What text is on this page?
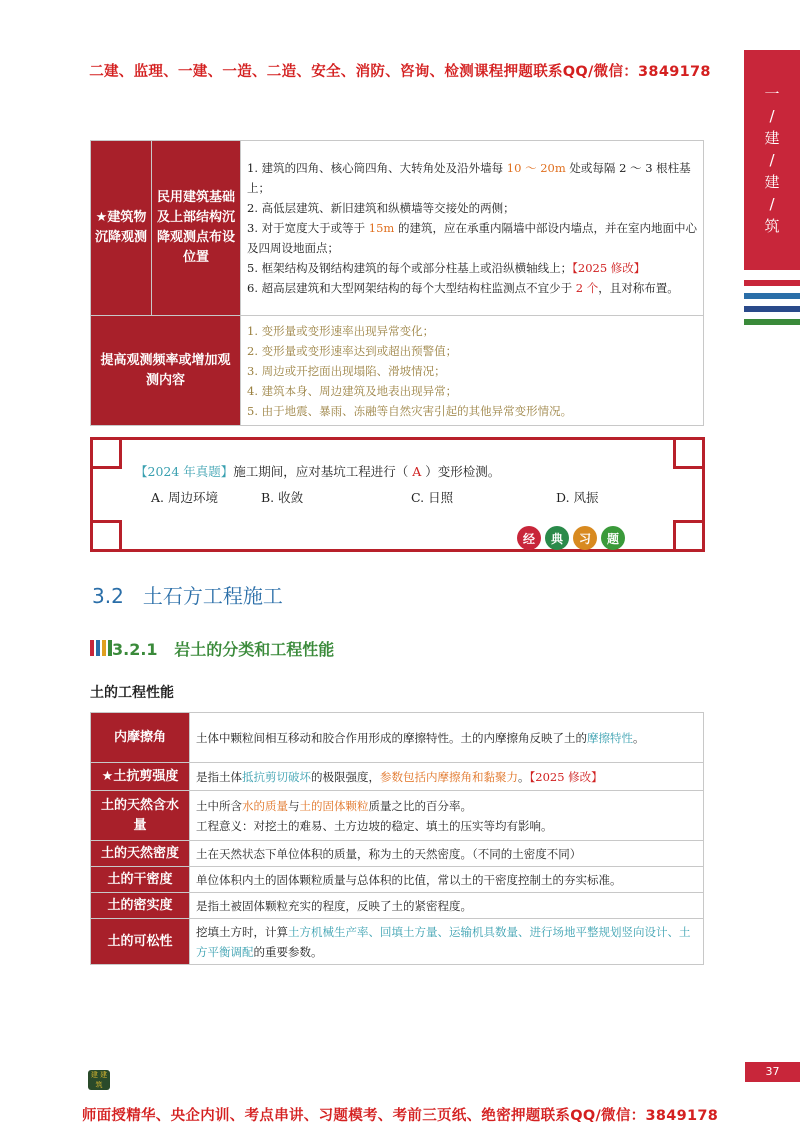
二建、监理、一建、一造、二造、安全、消防、咨询、检测课程押题联系QQ/微信：3849178
一
/
建
/
建
/
筑
★建筑物沉降观测	民用建筑基础及上部结构沉降观测点布设位置	1. 建筑的四角、核心筒四角、大转角处及沿外墙每 10 ～ 20m 处或每隔 2 ～ 3 根柱基上；

2. 高低层建筑、新旧建筑和纵横墙等交接处的两侧；

3. 对于宽度大于或等于 15m 的建筑，应在承重内隔墙中部设内墙点，并在室内地面中心及四周设地面点；

5. 框架结构及钢结构建筑的每个或部分柱基上或沿纵横轴线上；【2025 修改】

6. 超高层建筑和大型网架结构的每个大型结构柱监测点不宜少于 2 个，且对称布置。

提高观测频率或增加观测内容		1. 变形量或变形速率出现异常变化；

2. 变形量或变形速率达到或超出预警值；

3. 周边或开挖面出现塌陷、滑坡情况；

4. 建筑本身、周边建筑及地表出现异常；

5. 由于地震、暴雨、冻融等自然灾害引起的其他异常变形情况。

【2024 年真题】施工期间，应对基坑工程进行（ A ）变形检测。
A. 周边环境	B. 收敛	C. 日照	D. 风振
经	典	习	题
3.2 土石方工程施工
3.2.1 岩土的分类和工程性能
土的工程性能
内摩擦角	土体中颗粒间相互移动和胶合作用形成的摩擦特性。土的内摩擦角反映了土的摩擦特性。
★土抗剪强度	是指土体抵抗剪切破坏的极限强度，参数包括内摩擦角和黏聚力。【2025 修改】
土的天然含水量	土中所含水的质量与土的固体颗粒质量之比的百分率。

工程意义：对挖土的难易、土方边坡的稳定、填土的压实等均有影响。

土的天然密度	土在天然状态下单位体积的质量，称为土的天然密度。（不同的土密度不同）
土的干密度	单位体积内土的固体颗粒质量与总体积的比值，常以土的干密度控制土的夯实标准。
土的密实度	是指土被固体颗粒充实的程度，反映了土的紧密程度。
土的可松性	挖填土方时，计算土方机械生产率、回填土方量、运输机具数量、进行场地平整规划竖向设计、土方平衡调配的重要参数。
建 建筑
37
师面授精华、央企内训、考点串讲、习题模考、考前三页纸、绝密押题联系QQ/微信：3849178
